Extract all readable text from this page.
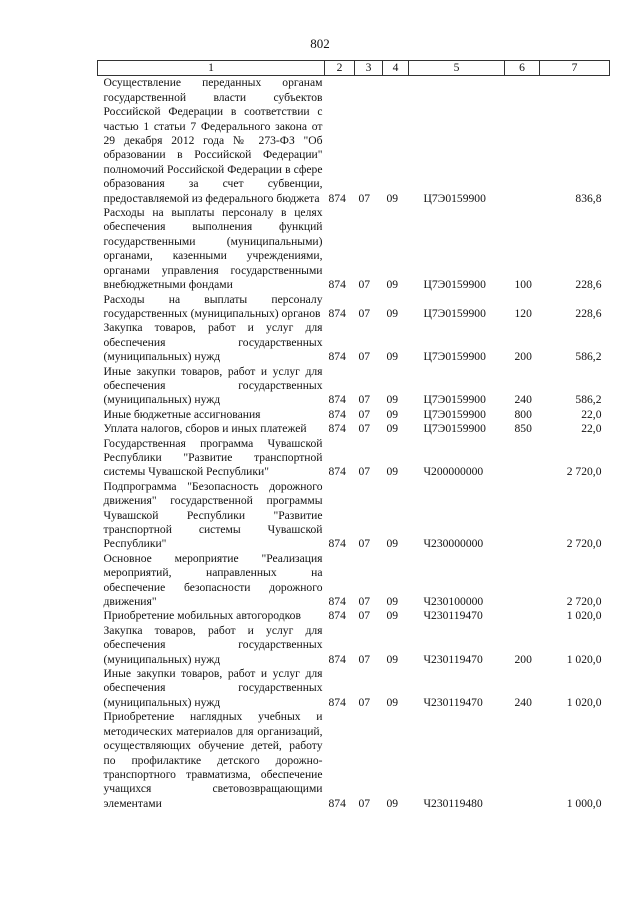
802
1	2	3	4	5	6	7
Осуществление переданных органам государственной власти субъектов Российской Федерации в соответствии с частью 1 статьи 7 Федерального закона от 29 декабря 2012 года № 273-ФЗ "Об образовании в Российской Федерации" полномочий Российской Федерации в сфере образования за счет субвенции, предоставляемой из федерального бюджета	874	07	09	Ц7Э0159900		836,8
Расходы на выплаты персоналу в целях обеспечения выполнения функций государственными (муниципальными) органами, казенными учреждениями, органами управления государственными внебюджетными фондами	874	07	09	Ц7Э0159900	100	228,6
Расходы на выплаты персоналу государственных (муниципальных) органов	874	07	09	Ц7Э0159900	120	228,6
Закупка товаров, работ и услуг для обеспечения государственных (муниципальных) нужд	874	07	09	Ц7Э0159900	200	586,2
Иные закупки товаров, работ и услуг для обеспечения государственных (муниципальных) нужд	874	07	09	Ц7Э0159900	240	586,2
Иные бюджетные ассигнования	874	07	09	Ц7Э0159900	800	22,0
Уплата налогов, сборов и иных платежей	874	07	09	Ц7Э0159900	850	22,0
Государственная программа Чувашской Республики "Развитие транспортной системы Чувашской Республики"	874	07	09	Ч200000000		2 720,0
Подпрограмма "Безопасность дорожного движения" государственной программы Чувашской Республики "Развитие транспортной системы Чувашской Республики"	874	07	09	Ч230000000		2 720,0
Основное мероприятие "Реализация мероприятий, направленных на обеспечение безопасности дорожного движения"	874	07	09	Ч230100000		2 720,0
Приобретение мобильных автогородков	874	07	09	Ч230119470		1 020,0
Закупка товаров, работ и услуг для обеспечения государственных (муниципальных) нужд	874	07	09	Ч230119470	200	1 020,0
Иные закупки товаров, работ и услуг для обеспечения государственных (муниципальных) нужд	874	07	09	Ч230119470	240	1 020,0
Приобретение наглядных учебных и методических материалов для организаций, осуществляющих обучение детей, работу по профилактике детского дорожно-транспортного травматизма, обеспечение учащихся световозвращающими элементами	874	07	09	Ч230119480		1 000,0
